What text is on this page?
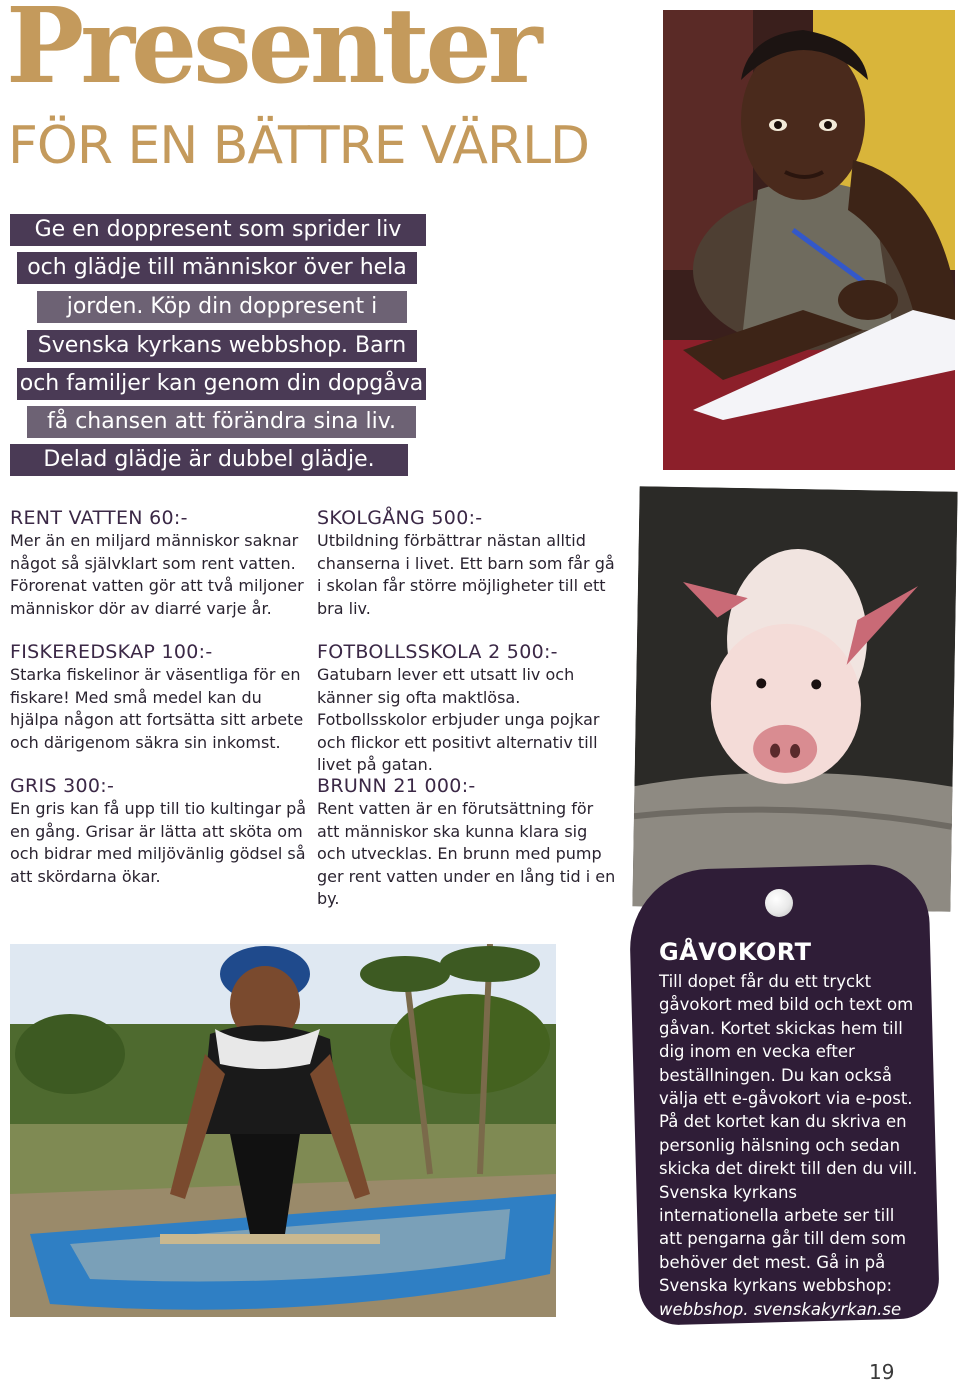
Presenter
FÖR EN BÄTTRE VÄRLD
Ge en doppresent som sprider liv
och glädje till människor över hela
jorden. Köp din doppresent i
Svenska kyrkans webbshop. Barn
och familjer kan genom din dopgåva
få chansen att förändra sina liv.
Delad glädje är dubbel glädje.
RENT VATTEN 60:-

Mer än en miljard människor saknar något så självklart som rent vatten. Förorenat vatten gör att två miljoner människor dör av diarré varje år.

FISKEREDSKAP 100:-

Starka fiskelinor är väsentliga för en fiskare! Med små medel kan du hjälpa någon att fortsätta sitt arbete och därigenom säkra sin inkomst.

GRIS 300:-

En gris kan få upp till tio kultingar på en gång. Grisar är lätta att sköta om och bidrar med miljövänlig gödsel så att skördarna ökar.

SKOLGÅNG 500:-

Utbildning förbättrar nästan alltid chanserna i livet. Ett barn som får gå i skolan får större möjligheter till ett bra liv.

FOTBOLLSSKOLA 2 500:-

Gatubarn lever ett utsatt liv och känner sig ofta maktlösa. Fotbollsskolor erbjuder unga pojkar och flickor ett positivt alternativ till livet på gatan.

BRUNN 21 000:-

Rent vatten är en förutsättning för att människor ska kunna klara sig och utvecklas. En brunn med pump ger rent vatten under en lång tid i en by.

GÅVOKORT

Till dopet får du ett tryckt gåvokort med bild och text om gåvan. Kortet skickas hem till dig inom en vecka efter beställningen. Du kan också välja ett e-gåvokort via e-post. På det kortet kan du skriva en personlig hälsning och sedan skicka det direkt till den du vill. Svenska kyrkans internationella arbete ser till att pengarna går till dem som behöver det mest. Gå in på Svenska kyrkans webbshop: webbshop. svenskakyrkan.se

19
